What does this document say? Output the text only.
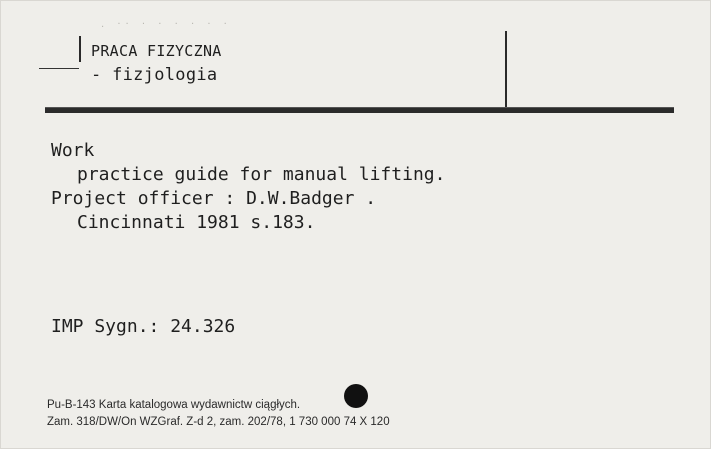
. ·· · · · · · ·
PRACA FIZYCZNA
- fizjologia
Work
practice guide for manual lifting.
Project officer : D.W.Badger .
Cincinnati 1981 s.183.
IMP Sygn.: 24.326
Pu-B-143 Karta katalogowa wydawnictw ciągłych.
Zam. 318/DW/On WZGraf. Z-d 2, zam. 202/78, 1 730 000 74 X 120
